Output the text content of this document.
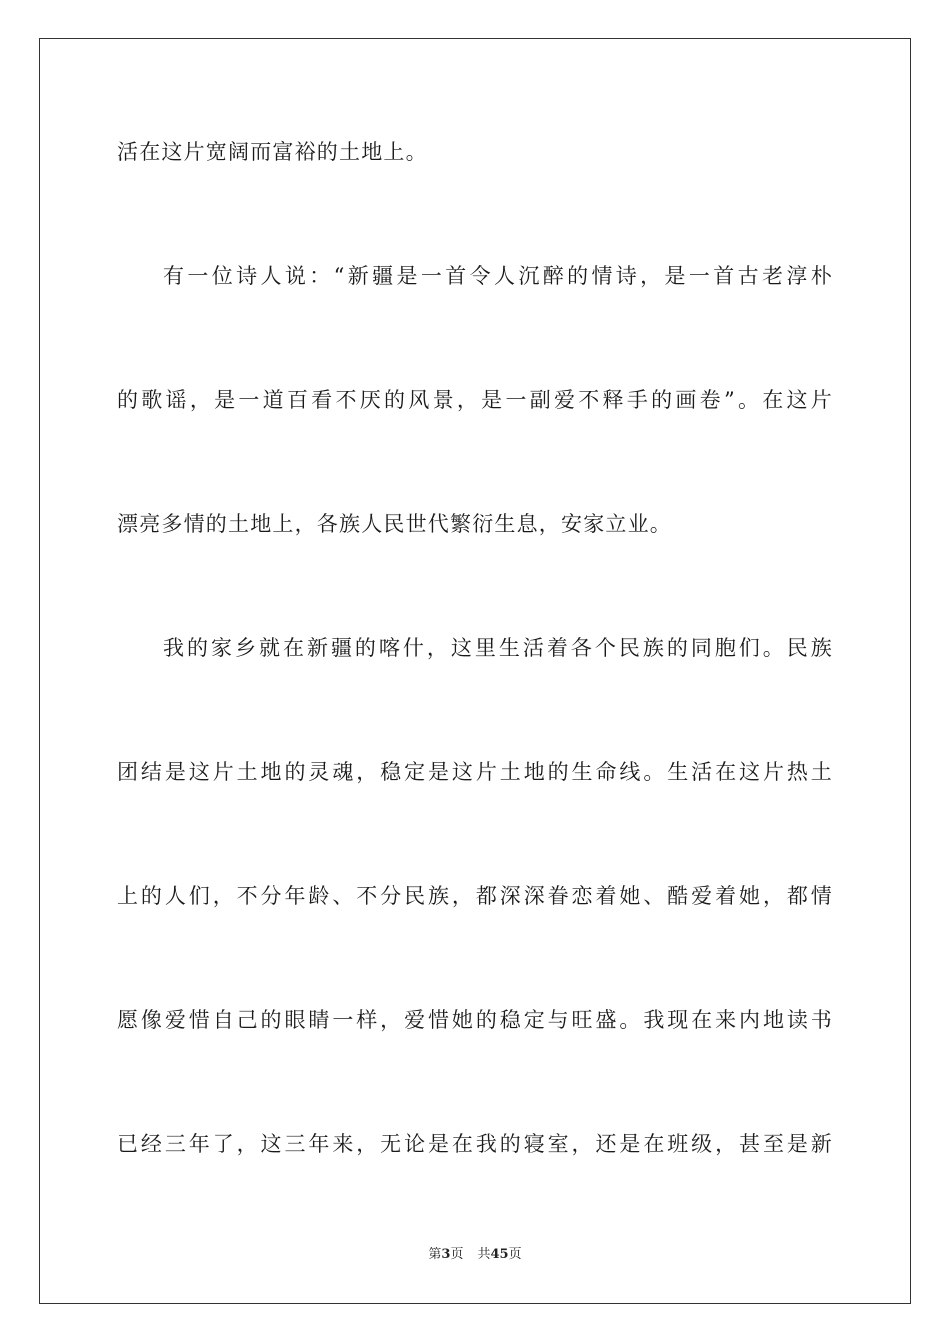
活在这片宽阔而富裕的土地上。
有一位诗人说：“新疆是一首令人沉醉的情诗，是一首古老淳朴
的歌谣，是一道百看不厌的风景，是一副爱不释手的画卷”。在这片
漂亮多情的土地上，各族人民世代繁衍生息，安家立业。
我的家乡就在新疆的喀什，这里生活着各个民族的同胞们。民族
团结是这片土地的灵魂，稳定是这片土地的生命线。生活在这片热土
上的人们，不分年龄、不分民族，都深深眷恋着她、酷爱着她，都情
愿像爱惜自己的眼睛一样，爱惜她的稳定与旺盛。我现在来内地读书
已经三年了，这三年来，无论是在我的寝室，还是在班级，甚至是新
第3页 共45页
